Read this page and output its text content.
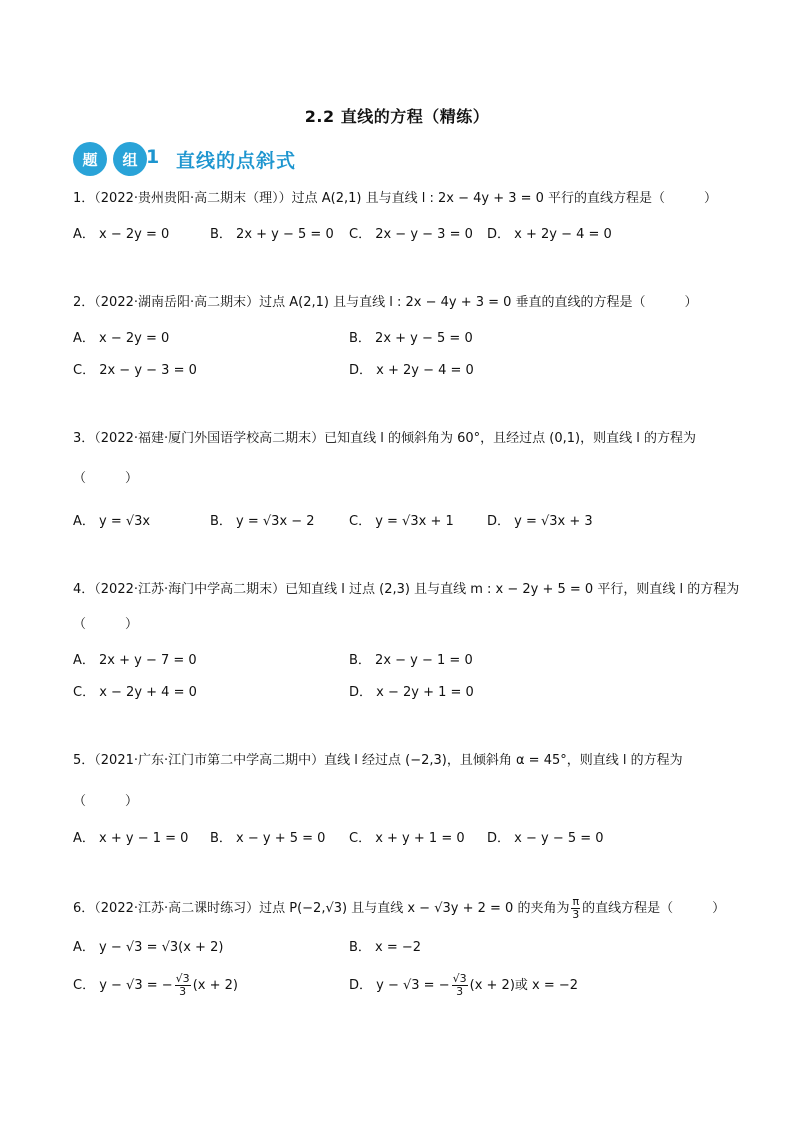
2.2 直线的方程（精练）
题	组 1 直线的点斜式
1．（2022·贵州贵阳·高二期末（理））过点 A(2,1) 且与直线 l : 2x − 4y + 3 = 0 平行的直线方程是（　　　）
A． x − 2y = 0	B． 2x + y − 5 = 0 C． 2x − y − 3 = 0 D． x + 2y − 4 = 0
2．（2022·湖南岳阳·高二期末）过点 A(2,1) 且与直线 l : 2x − 4y + 3 = 0 垂直的直线的方程是（　　　）
A． x − 2y = 0	B． 2x + y − 5 = 0
C． 2x − y − 3 = 0	D． x + 2y − 4 = 0
3．（2022·福建·厦门外国语学校高二期末）已知直线 l 的倾斜角为 60°，且经过点 (0,1)，则直线 l 的方程为
（　　　）
A． y = √3x	B． y = √3x − 2	C． y = √3x + 1	D． y = √3x + 3
4．（2022·江苏·海门中学高二期末）已知直线 l 过点 (2,3) 且与直线 m : x − 2y + 5 = 0 平行，则直线 l 的方程为
（　　　）
A． 2x + y − 7 = 0	B． 2x − y − 1 = 0
C． x − 2y + 4 = 0	D． x − 2y + 1 = 0
5．（2021·广东·江门市第二中学高二期中）直线 l 经过点 (−2,3)，且倾斜角 α = 45°，则直线 l 的方程为
（　　　）
A． x + y − 1 = 0 B． x − y + 5 = 0 C． x + y + 1 = 0 D． x − y − 5 = 0
6．（2022·江苏·高二课时练习）过点 P(−2,√3) 且与直线 x − √3y + 2 = 0 的夹角为 $\frac{\pi}{3}$ 的直线方程是（　　　）
A． y − √3 = √3(x + 2)	B． x = −2
C． y − √3 = − $\frac{√3}{3} (x + 2)$	D． y − √3 = − $\frac{√3}{3} (x + 2)$或 x = −2
